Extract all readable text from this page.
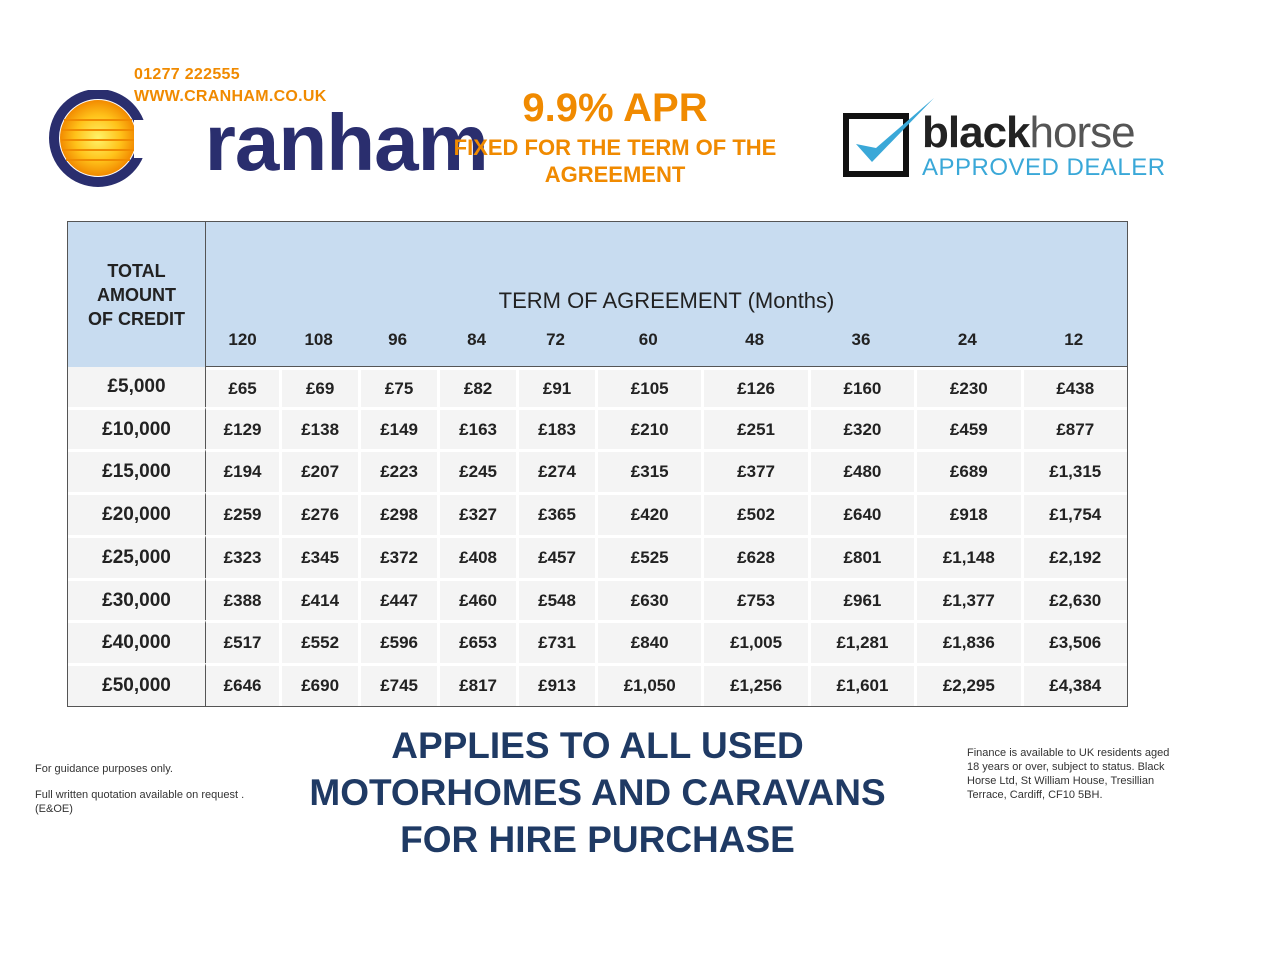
01277 222555
WWW.CRANHAM.CO.UK
ranham 9.9% APR
FIXED FOR THE TERM OF THE AGREEMENT
blackhorse
APPROVED DEALER
TOTAL
AMOUNT
OF CREDIT	TERM OF AGREEMENT (Months)									
	120	108	96	84	72	60	48	36	24	12
£5,000	£65	£69	£75	£82	£91	£105	£126	£160	£230	£438
£10,000	£129	£138	£149	£163	£183	£210	£251	£320	£459	£877
£15,000	£194	£207	£223	£245	£274	£315	£377	£480	£689	£1,315
£20,000	£259	£276	£298	£327	£365	£420	£502	£640	£918	£1,754
£25,000	£323	£345	£372	£408	£457	£525	£628	£801	£1,148	£2,192
£30,000	£388	£414	£447	£460	£548	£630	£753	£961	£1,377	£2,630
£40,000	£517	£552	£596	£653	£731	£840	£1,005	£1,281	£1,836	£3,506
£50,000	£646	£690	£745	£817	£913	£1,050	£1,256	£1,601	£2,295	£4,384

For guidance purposes only.

Full written quotation available on request . (E&OE)

APPLIES TO ALL USED
MOTORHOMES AND CARAVANS
FOR HIRE PURCHASE
Finance is available to UK residents aged 18 years or over, subject to status. Black Horse Ltd, St William House, Tresillian Terrace, Cardiff, CF10 5BH.
